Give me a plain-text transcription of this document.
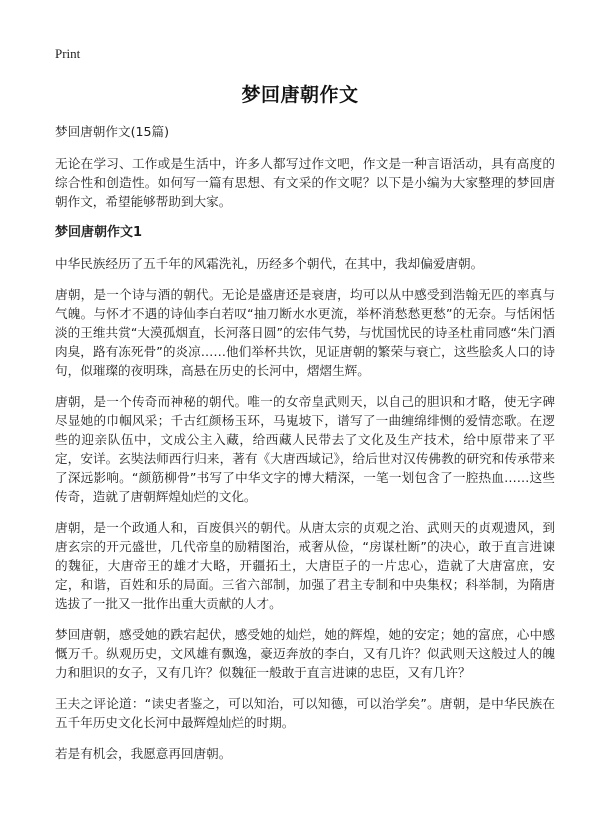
Print
梦回唐朝作文

梦回唐朝作文(15篇)

无论在学习、工作或是生活中，许多人都写过作文吧，作文是一种言语活动，具有高度的综合性和创造性。如何写一篇有思想、有文采的作文呢？以下是小编为大家整理的梦回唐朝作文，希望能够帮助到大家。

梦回唐朝作文1

中华民族经历了五千年的风霜洗礼，历经多个朝代，在其中，我却偏爱唐朝。

唐朝，是一个诗与酒的朝代。无论是盛唐还是衰唐，均可以从中感受到浩翰无匹的率真与气魄。与怀才不遇的诗仙李白若叹“抽刀断水水更流，举杯消愁愁更愁”的无奈。与恬闲恬淡的王维共赏“大漠孤烟直，长河落日圆”的宏伟气势，与忧国忧民的诗圣杜甫同感“朱门酒肉臭，路有冻死骨”的炎凉……他们举杯共饮，见证唐朝的繁荣与衰亡，这些脍炙人口的诗句，似璀璨的夜明珠，高悬在历史的长河中，熠熠生辉。

唐朝，是一个传奇而神秘的朝代。唯一的女帝皇武则天，以自己的胆识和才略，使无字碑尽显她的巾帼风采；千古红颜杨玉环，马嵬坡下，谱写了一曲缠绵绯恻的爱情恋歌。在逻些的迎亲队伍中，文成公主入藏，给西藏人民带去了文化及生产技术，给中原带来了平定，安详。玄奘法师西行归来，著有《大唐西域记》，给后世对汉传佛教的研究和传承带来了深远影响。“颜筋柳骨”书写了中华文字的博大精深，一笔一划包含了一腔热血……这些传奇，造就了唐朝辉煌灿烂的文化。

唐朝，是一个政通人和，百废俱兴的朝代。从唐太宗的贞观之治、武则天的贞观遗风，到唐玄宗的开元盛世，几代帝皇的励精图治，戒奢从俭，“房谋杜断”的决心，敢于直言进谏的魏征，大唐帝王的雄才大略，开疆拓土，大唐臣子的一片忠心，造就了大唐富庶，安定，和谐，百姓和乐的局面。三省六部制，加强了君主专制和中央集权；科举制，为隋唐选拔了一批又一批作出重大贡献的人才。

梦回唐朝，感受她的跌宕起伏，感受她的灿烂，她的辉煌，她的安定；她的富庶，心中感慨万千。纵观历史，文风雄有飘逸，豪迈奔放的李白，又有几许？似武则天这般过人的魄力和胆识的女子，又有几许？似魏征一般敢于直言进谏的忠臣，又有几许？

王夫之评论道：“读史者鉴之，可以知治，可以知德，可以治学矣”。唐朝，是中华民族在五千年历史文化长河中最辉煌灿烂的时期。

若是有机会，我愿意再回唐朝。
